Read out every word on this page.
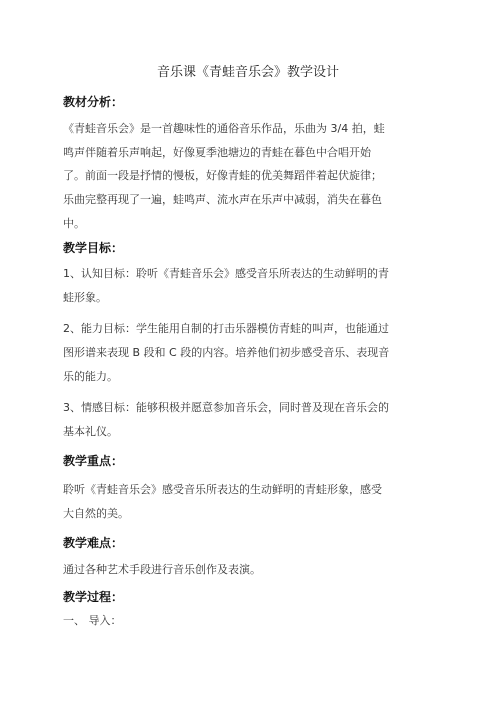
音乐课《青蛙音乐会》教学设计
教材分析：
《青蛙音乐会》是一首趣味性的通俗音乐作品，乐曲为 3/4 拍，蛙
鸣声伴随着乐声响起，好像夏季池塘边的青蛙在暮色中合唱开始
了。前面一段是抒情的慢板，好像青蛙的优美舞蹈伴着起伏旋律；
乐曲完整再现了一遍，蛙鸣声、流水声在乐声中减弱，消失在暮色
中。
教学目标：
1、认知目标：聆听《青蛙音乐会》感受音乐所表达的生动鲜明的青
蛙形象。
2、能力目标：学生能用自制的打击乐器模仿青蛙的叫声，也能通过
图形谱来表现 B 段和 C 段的内容。培养他们初步感受音乐、表现音
乐的能力。
3、情感目标：能够积极并愿意参加音乐会，同时普及现在音乐会的
基本礼仪。
教学重点：
聆听《青蛙音乐会》感受音乐所表达的生动鲜明的青蛙形象，感受
大自然的美。
教学难点：
通过各种艺术手段进行音乐创作及表演。
教学过程：
一、 导入：
